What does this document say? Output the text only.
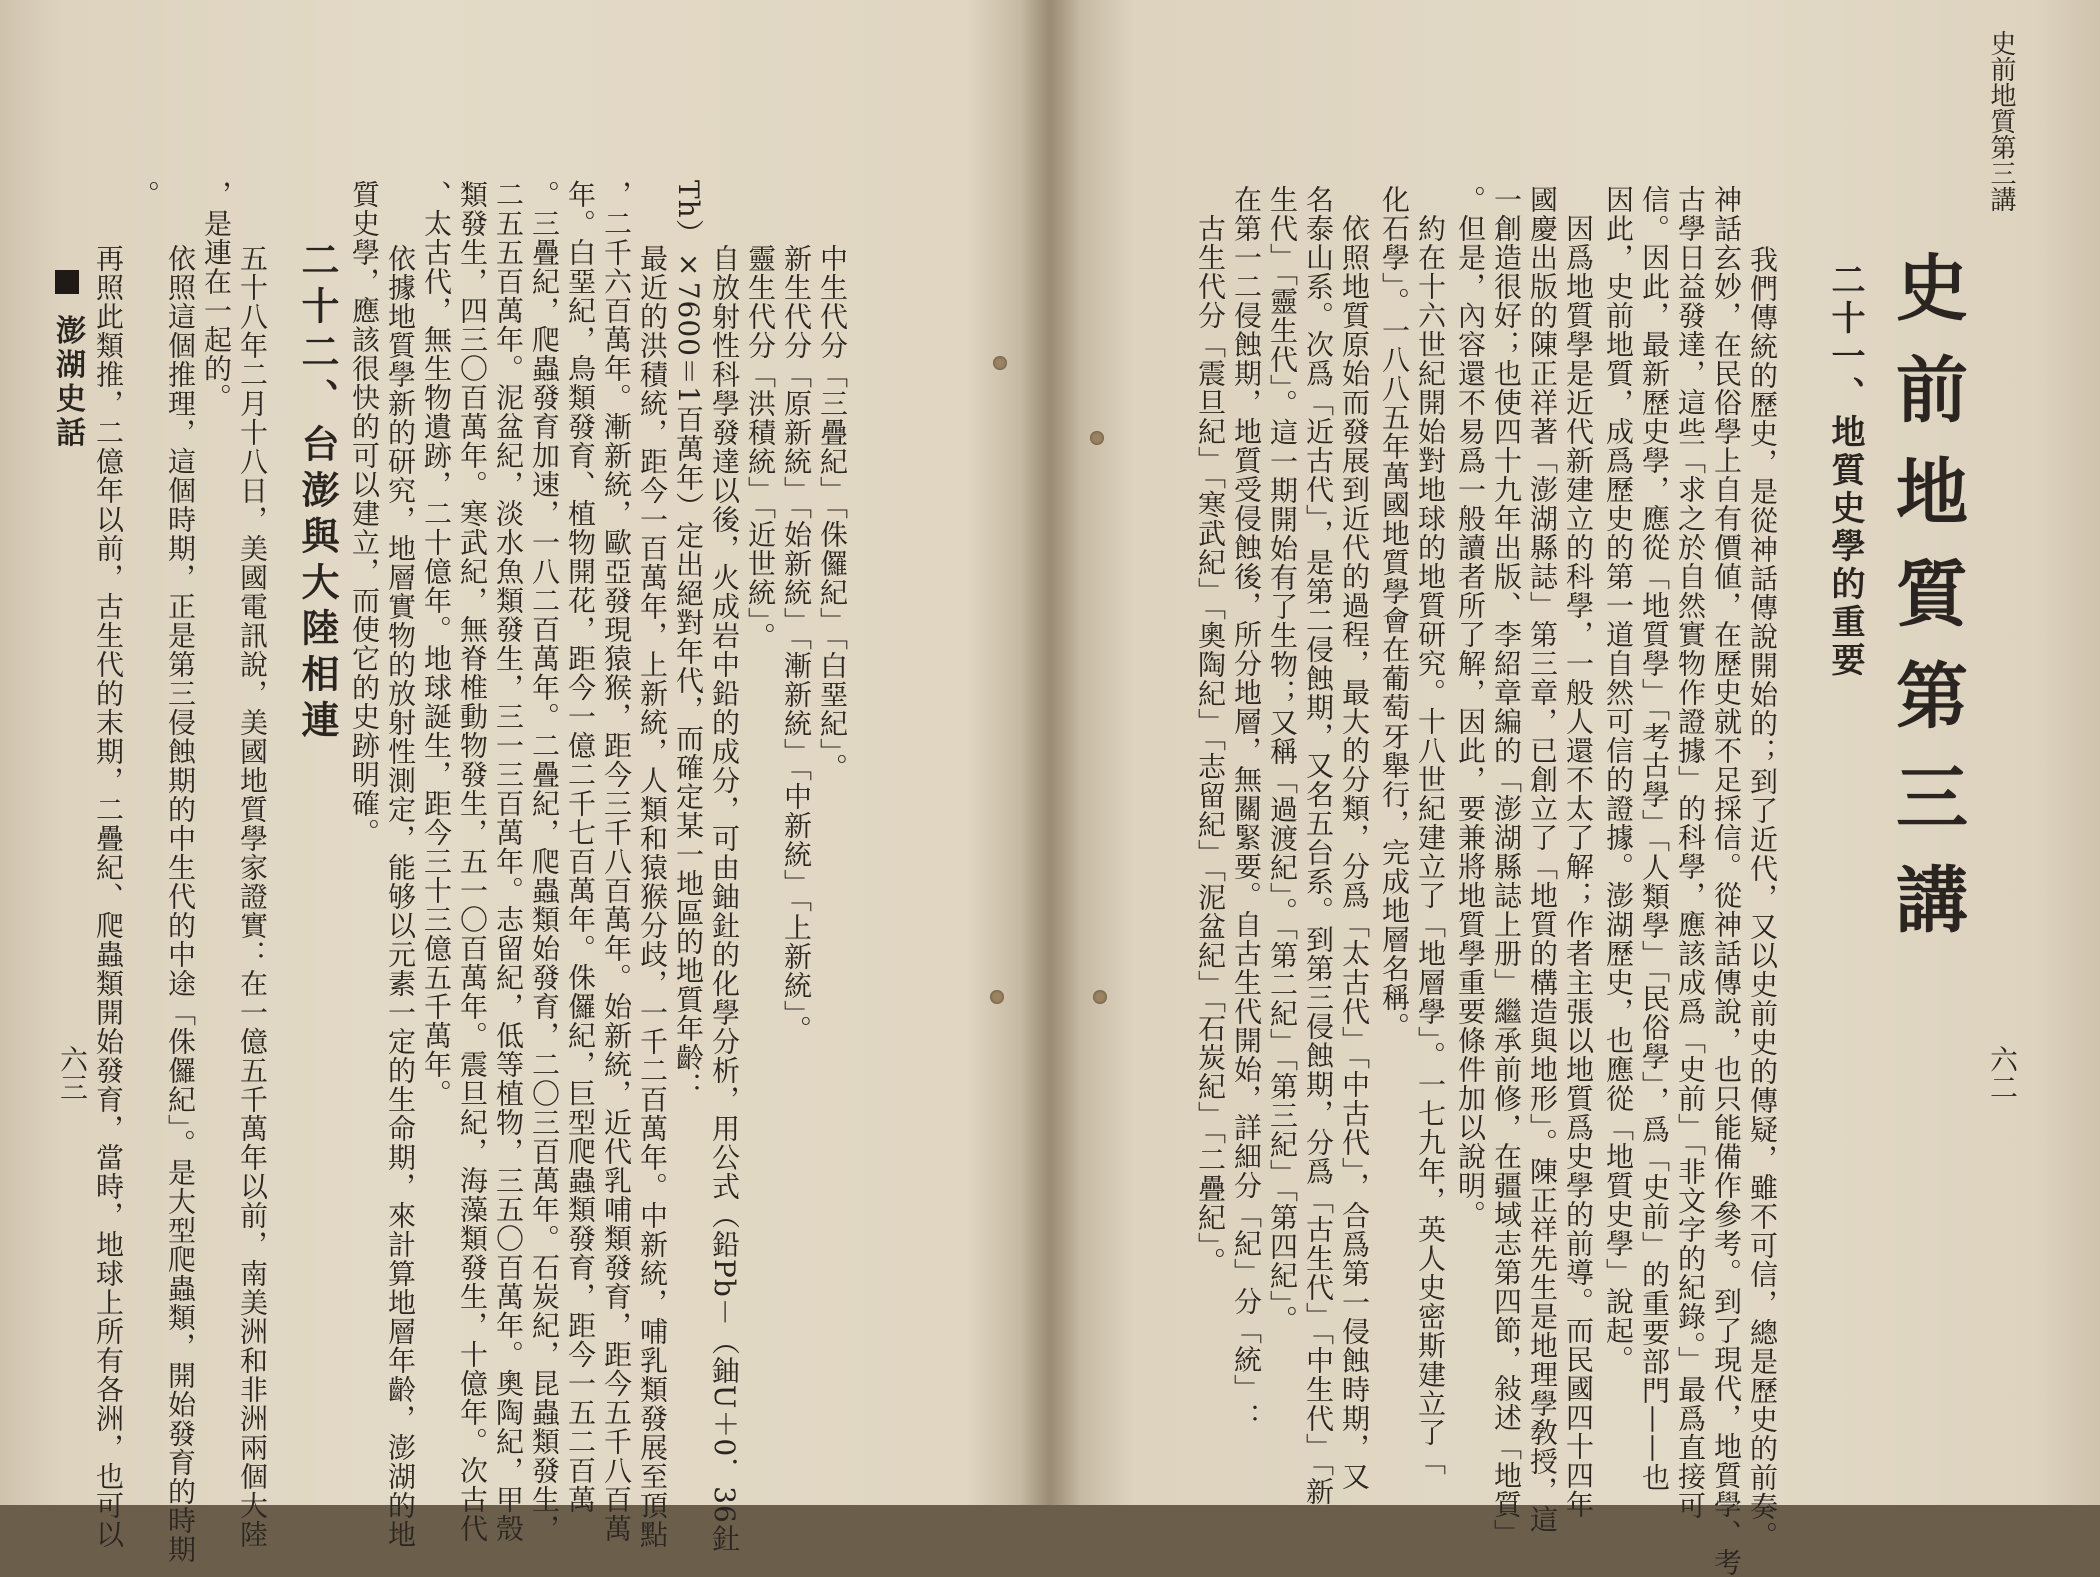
史前地質第三講
史前地質第三講
二十一、地質史學的重要
我們傳統的歷史，是從神話傳說開始的；到了近代，又以史前史的傳疑，雖不可信，總是歷史的前奏。
神話玄妙，在民俗學上自有價値，在歷史就不足採信。從神話傳說，也只能備作參考。到了現代，地質學、考
古學日益發達，這些「求之於自然實物作證據」的科學，應該成爲「史前」「非文字的紀錄。」最爲直接可
信。因此，最新歷史學，應從「地質學」「考古學」「人類學」「民俗學」，爲「史前」的重要部門——也
因此，史前地質，成爲歷史的第一道自然可信的證據。澎湖歷史，也應從「地質史學」說起。
　因爲地質學是近代新建立的科學，一般人還不太了解；作者主張以地質爲史學的前導。而民國四十四年
國慶出版的陳正祥著「澎湖縣誌」第三章，已創立了「地質的構造與地形」。陳正祥先生是地理學敎授，這
一創造很好；也使四十九年出版、李紹章編的「澎湖縣誌上册」繼承前修，在疆域志第四節，敍述「地質」
。但是，內容還不易爲一般讀者所了解，因此，要兼將地質學重要條件加以說明。
　約在十六世紀開始對地球的地質研究。十八世紀建立了「地層學」。一七九年，英人史密斯建立了「
化石學」。一八八五年萬國地質學會在葡萄牙舉行，完成地層名稱。
　依照地質原始而發展到近代的過程，最大的分類，分爲「太古代」「中古代」，合爲第一侵蝕時期，又
名泰山系。次爲「近古代」，是第二侵蝕期，又名五台系。到第三侵蝕期，分爲「古生代」「中生代」「新
生代」「靈生代」。這一期開始有了生物；又稱「過渡紀」。「第二紀」「第三紀」「第四紀」。
在第一二侵蝕期，地質受侵蝕後，所分地層，無關緊要。自古生代開始，詳細分「紀」分「統」：
　古生代分「震旦紀」「寒武紀」「奧陶紀」「志留紀」「泥盆紀」「石炭紀」「二疊紀」。	六二
　中生代分「三疊紀」「侏儸紀」「白堊紀」。
　新生代分「原新統」「始新統」「漸新統」「中新統」「上新統」。
　靈生代分「洪積統」「近世統」。
　自放射性科學發達以後，火成岩中鉛的成分，可由鈾釷的化學分析，用公式（鉛Pb－（鈾U＋0．36釷
Th）×7600＝1百萬年）定出絕對年代，而確定某一地區的地質年齡：
　最近的洪積統，距今一百萬年，上新統，人類和猿猴分歧，一千二百萬年。中新統，哺乳類發展至頂點
，二千六百萬年。漸新統，歐亞發現猿猴，距今三千八百萬年。始新統，近代乳哺類發育，距今五千八百萬
年。白堊紀，鳥類發育、植物開花，距今一億二千七百萬年。侏儸紀，巨型爬蟲類發育，距今一五二百萬
。三疊紀，爬蟲發育加速，一八二百萬年。二疊紀，爬蟲類始發育，二〇三百萬年。石炭紀，昆蟲類發生，
二五五百萬年。泥盆紀，淡水魚類發生，三一三百萬年。志留紀，低等植物，三五〇百萬年。奧陶紀，甲殼
類發生，四三〇百萬年。寒武紀，無脊椎動物發生，五一〇百萬年。震旦紀，海藻類發生，十億年。次古代
、太古代，無生物遺跡，二十億年。地球誕生，距今三十三億五千萬年。
　依據地質學新的研究，地層實物的放射性測定，能够以元素一定的生命期，來計算地層年齡，澎湖的地
質史學，應該很快的可以建立，而使它的史跡明確。
二十二、台澎與大陸相連
　五十八年二月十八日，美國電訊說，美國地質學家證實：在一億五千萬年以前，南美洲和非洲兩個大陸
，是連在一起的。
　依照這個推理，這個時期，正是第三侵蝕期的中生代的中途「侏儸紀」。是大型爬蟲類，開始發育的時期
。
　再照此類推，二億年以前，古生代的末期，二疊紀、爬蟲類開始發育，當時，地球上所有各洲，也可以
澎湖史話
六三
